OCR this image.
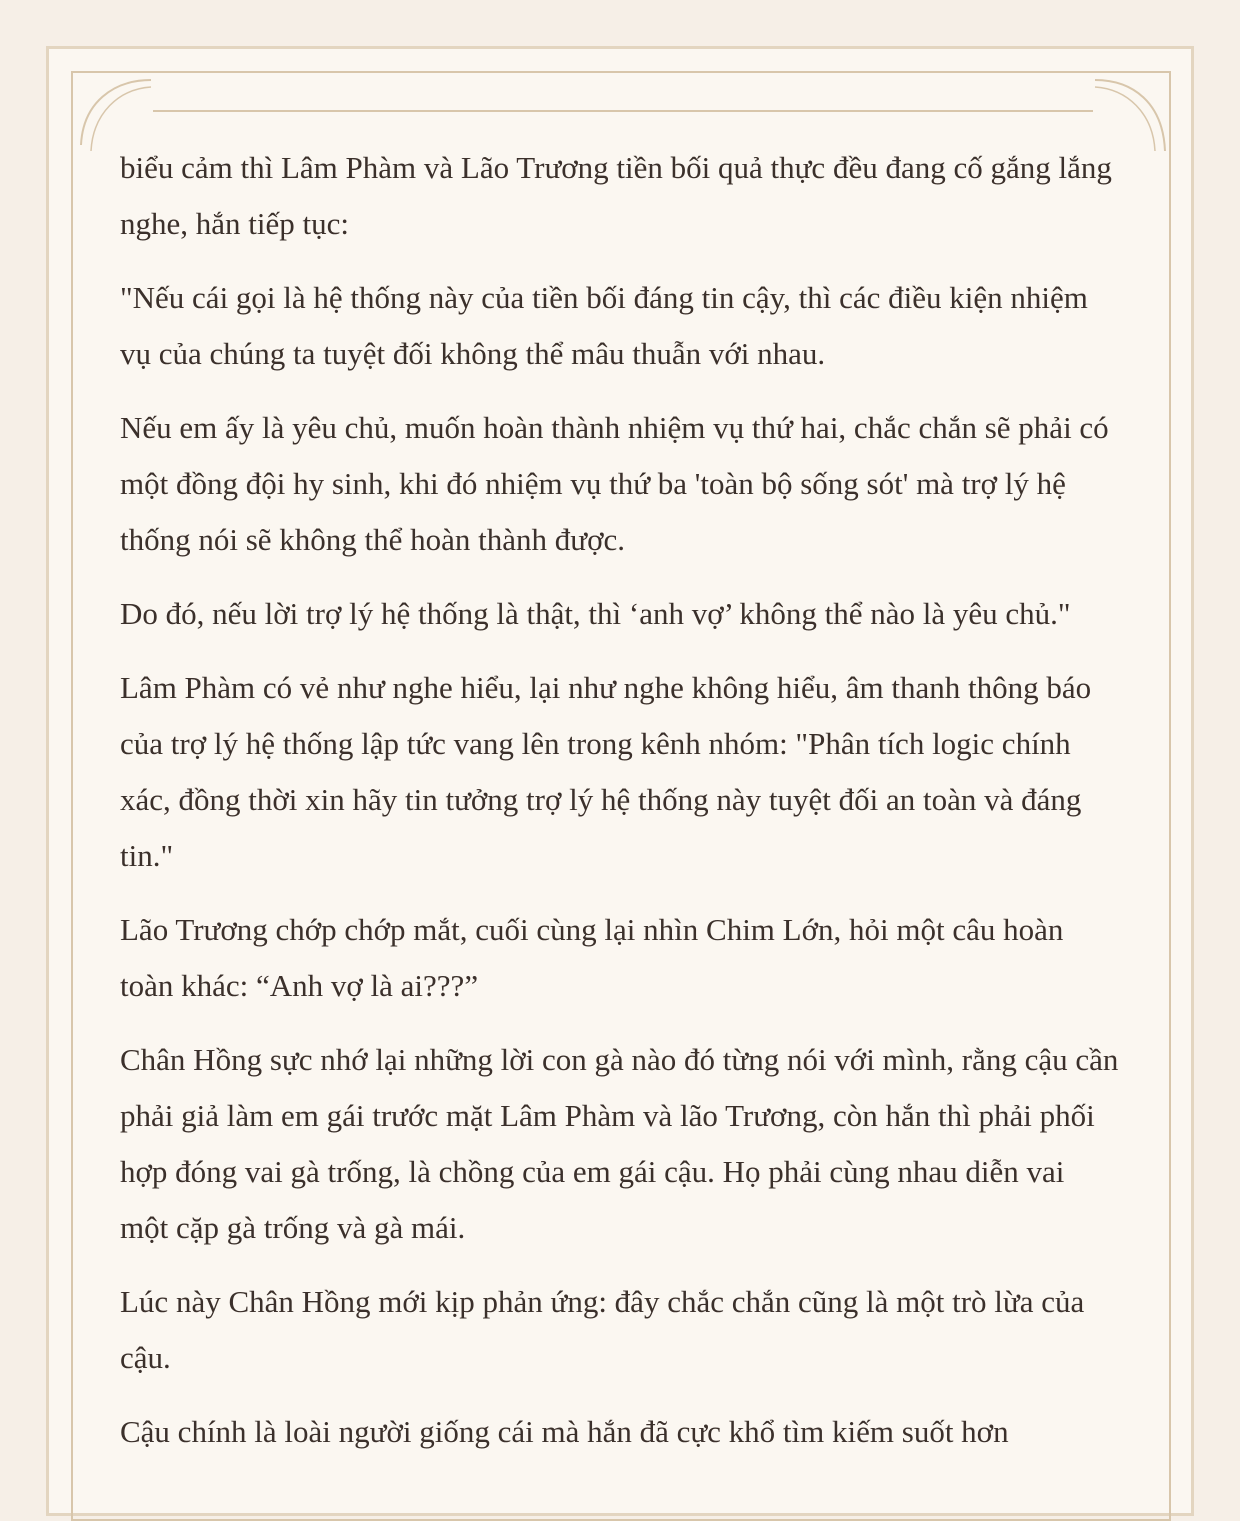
biểu cảm thì Lâm Phàm và Lão Trương tiền bối quả thực đều đang cố gắng lắng nghe, hắn tiếp tục:

"Nếu cái gọi là hệ thống này của tiền bối đáng tin cậy, thì các điều kiện nhiệm vụ của chúng ta tuyệt đối không thể mâu thuẫn với nhau.

Nếu em ấy là yêu chủ, muốn hoàn thành nhiệm vụ thứ hai, chắc chắn sẽ phải có một đồng đội hy sinh, khi đó nhiệm vụ thứ ba 'toàn bộ sống sót' mà trợ lý hệ thống nói sẽ không thể hoàn thành được.

Do đó, nếu lời trợ lý hệ thống là thật, thì ‘anh vợ’ không thể nào là yêu chủ."

Lâm Phàm có vẻ như nghe hiểu, lại như nghe không hiểu, âm thanh thông báo của trợ lý hệ thống lập tức vang lên trong kênh nhóm: "Phân tích logic chính xác, đồng thời xin hãy tin tưởng trợ lý hệ thống này tuyệt đối an toàn và đáng tin."

Lão Trương chớp chớp mắt, cuối cùng lại nhìn Chim Lớn, hỏi một câu hoàn toàn khác: “Anh vợ là ai???”

Chân Hồng sực nhớ lại những lời con gà nào đó từng nói với mình, rằng cậu cần phải giả làm em gái trước mặt Lâm Phàm và lão Trương, còn hắn thì phải phối hợp đóng vai gà trống, là chồng của em gái cậu. Họ phải cùng nhau diễn vai một cặp gà trống và gà mái.

Lúc này Chân Hồng mới kịp phản ứng: đây chắc chắn cũng là một trò lừa của cậu.

Cậu chính là loài người giống cái mà hắn đã cực khổ tìm kiếm suốt hơn
